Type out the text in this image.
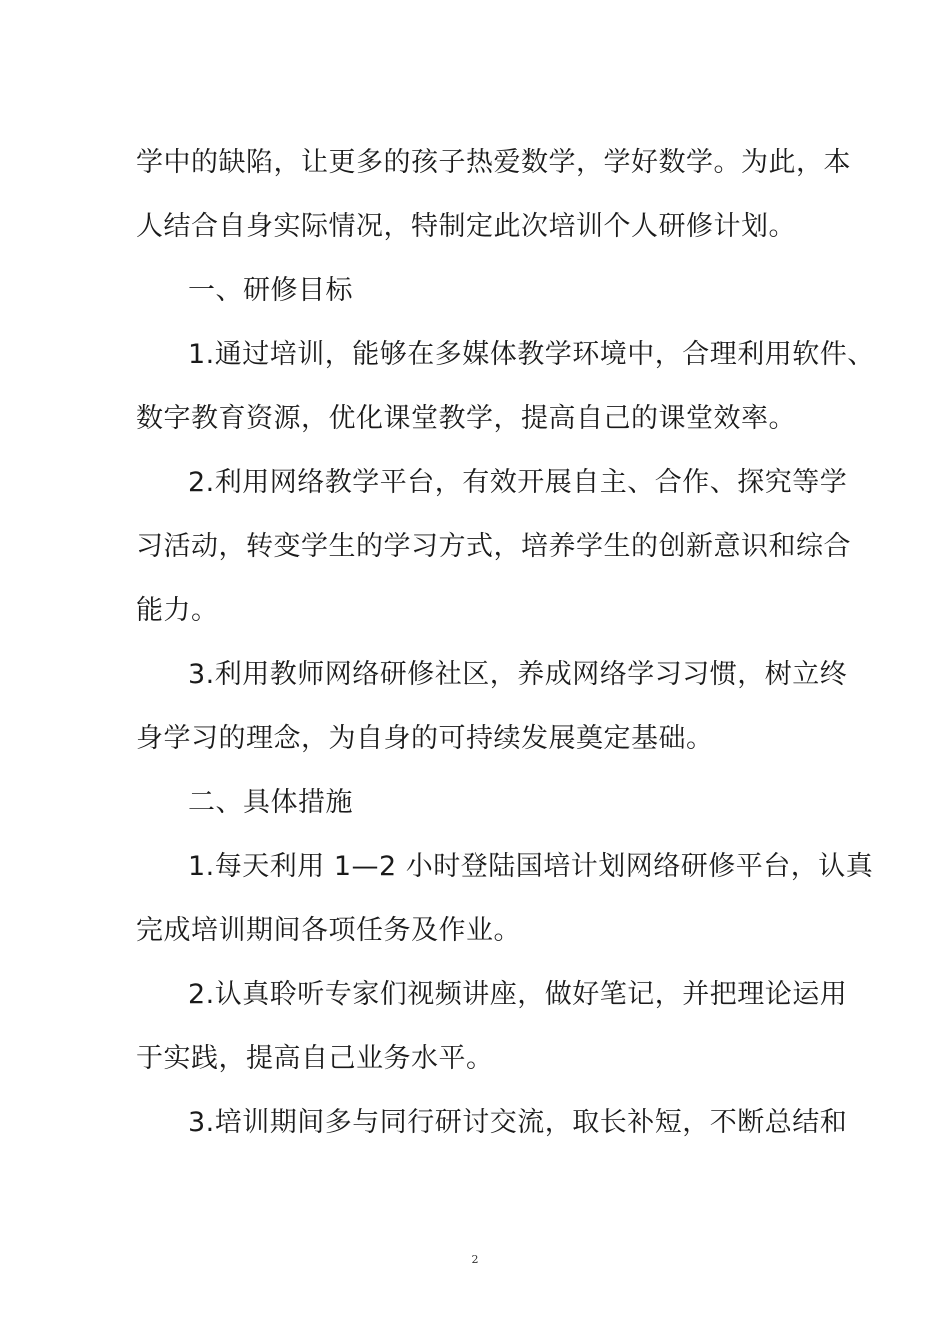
学中的缺陷，让更多的孩子热爱数学，学好数学。为此，本
人结合自身实际情况，特制定此次培训个人研修计划。
一、研修目标
1.通过培训，能够在多媒体教学环境中，合理利用软件、
数字教育资源，优化课堂教学，提高自己的课堂效率。
2.利用网络教学平台，有效开展自主、合作、探究等学
习活动，转变学生的学习方式，培养学生的创新意识和综合
能力。
3.利用教师网络研修社区，养成网络学习习惯，树立终
身学习的理念，为自身的可持续发展奠定基础。
二、具体措施
1.每天利用 1—2 小时登陆国培计划网络研修平台，认真
完成培训期间各项任务及作业。
2.认真聆听专家们视频讲座，做好笔记，并把理论运用
于实践，提高自己业务水平。
3.培训期间多与同行研讨交流，取长补短，不断总结和
2
